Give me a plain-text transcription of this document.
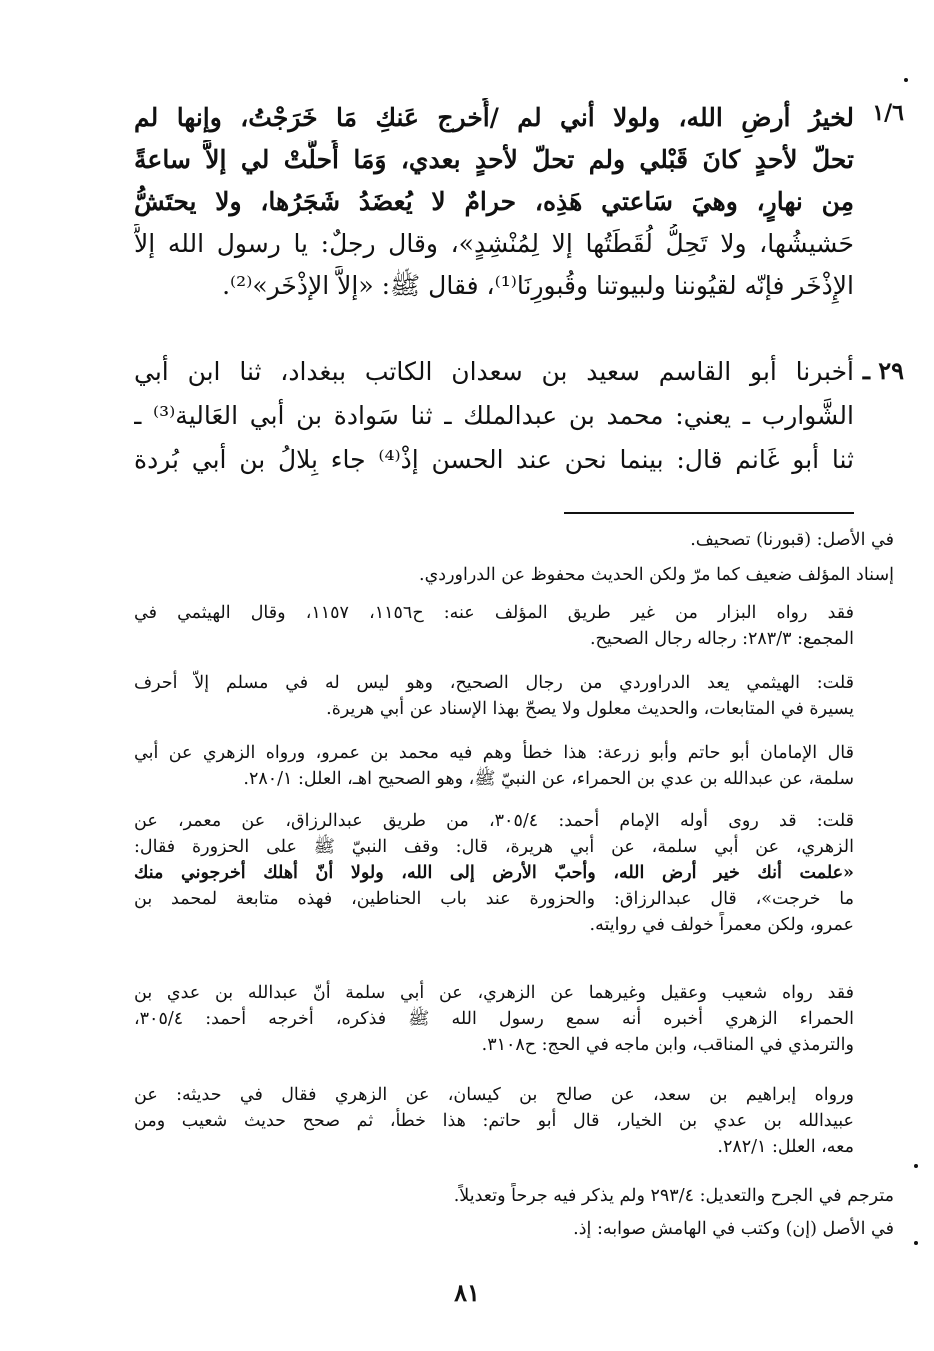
١/٦
لخيرُ أرضِ الله، ولولا أني لم /أُخرج عَنكِ مَا خَرَجْتُ، وإنها لم
تحلّ لأحدٍ كانَ قَبْلي ولم تحلّ لأحدٍ بعدي، وَمَا أُحلَّتْ لي إلاَّ ساعةً
مِن نهارٍ، وهيَ سَاعتي هَذِه، حرامٌ لا يُعضَدُ شَجَرُها، ولا يحتَشُّ
حَشيشُها، ولا تَحِلُّ لُقَطَتُها إلا لِمُنْشِدٍ»، وقال رجلٌ: يا رسول الله إلاَّ
الإِذْخَر فإنّه لقيُوننا ولبيوتنا وقُبورِنَا⁽¹⁾، فقال ﷺ: «إلاَّ الإذْخَر»⁽²⁾.
٢٩ ـ
أخبرنا أبو القاسم سعيد بن سعدان الكاتب ببغداد، ثنا ابن أبي
الشَّوارب ـ يعني: محمد بن عبدالملك ـ ثنا سَوادة بن أبي العَالية⁽³⁾ ـ
ثنا أبو غَانم قال: بينما نحن عند الحسن إذْ⁽⁴⁾ جاء بِلالُ بن أبي بُردة
في الأصل: (قبورنا) تصحيف.
إسناد المؤلف ضعيف كما مرّ ولكن الحديث محفوظ عن الدراوردي.
فقد رواه البزار من غير طريق المؤلف عنه: ح١١٥٦، ١١٥٧، وقال الهيثمي في
المجمع: ٢٨٣/٣: رجاله رجال الصحيح.
قلت: الهيثمي يعد الدراوردي من رجال الصحيح، وهو ليس له في مسلم إلاَّ أحرف
يسيرة في المتابعات، والحديث معلول ولا يصحّ بهذا الإسناد عن أبي هريرة.
قال الإمامان أبو حاتم وأبو زرعة: هذا خطأ وهم فيه محمد بن عمرو، ورواه الزهري عن أبي
سلمة، عن عبدالله بن عدي بن الحمراء، عن النبيّ ﷺ، وهو الصحيح اهـ، العلل: ٢٨٠/١.
قلت: قد روى أوله الإمام أحمد: ٣٠٥/٤، من طريق عبدالرزاق، عن معمر، عن
الزهري، عن أبي سلمة، عن أبي هريرة، قال: وقف النبيّ ﷺ على الحزورة فقال:
«علمت أنك خير أرض الله، وأحبّ الأرض إلى الله، ولولا أنّ أهلك أخرجوني منك
ما خرجت»، قال عبدالرزاق: والحزورة عند باب الحناطين، فهذه متابعة لمحمد بن
عمرو، ولكن معمراً خولف في روايته.
فقد رواه شعيب وعقيل وغيرهما عن الزهري، عن أبي سلمة أنّ عبدالله بن عدي بن
الحمراء الزهري أخبره أنه سمع رسول الله ﷺ فذكره، أخرجه أحمد: ٣٠٥/٤،
والترمذي في المناقب، وابن ماجه في الحج: ح٣١٠٨.
ورواه إبراهيم بن سعد، عن صالح بن كيسان، عن الزهري فقال في حديثه: عن
عبيدالله بن عدي بن الخيار، قال أبو حاتم: هذا خطأ، ثم صحح حديث شعيب ومن
معه، العلل: ٢٨٢/١.
مترجم في الجرح والتعديل: ٢٩٣/٤ ولم يذكر فيه جرحاً وتعديلاً.
في الأصل (إن) وكتب في الهامش صوابه: إذ.
٨١
